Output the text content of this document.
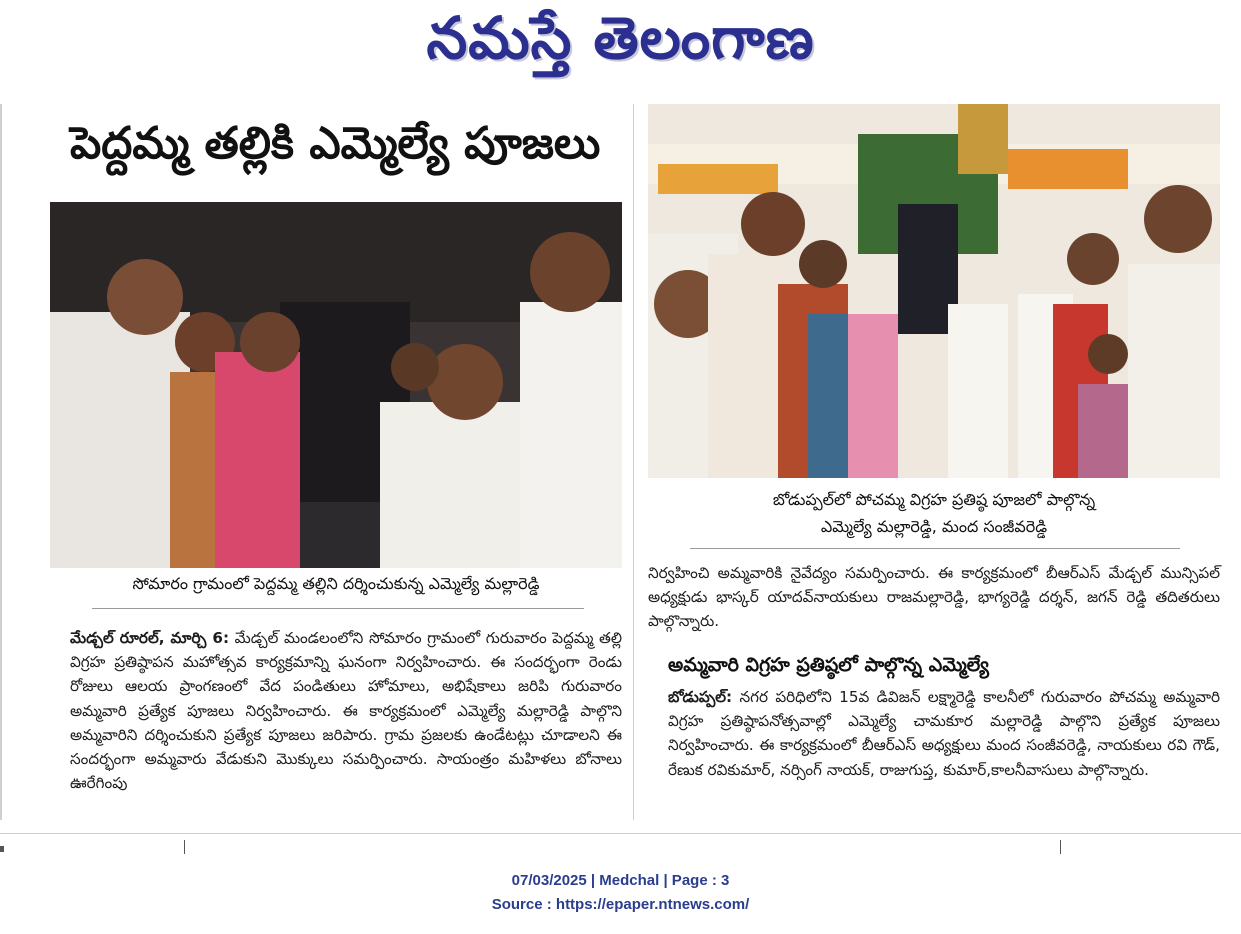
నమస్తే తెలంగాణ
పెద్దమ్మ తల్లికి ఎమ్మెల్యే పూజలు
సోమారం గ్రామంలో పెద్దమ్మ తల్లిని దర్శించుకున్న ఎమ్మెల్యే మల్లారెడ్డి
మేడ్చల్ రూరల్, మార్చి 6: మేడ్చల్ మండలంలోని సోమారం గ్రామంలో గురువారం పెద్దమ్మ తల్లి విగ్రహ ప్రతిష్ఠాపన మహోత్సవ కార్యక్రమాన్ని ఘనంగా నిర్వహించారు. ఈ సందర్భంగా రెండు రోజులు ఆలయ ప్రాంగణంలో వేద పండితులు హోమాలు, అభిషేకాలు జరిపి గురువారం అమ్మవారి ప్రత్యేక పూజలు నిర్వహించారు. ఈ కార్యక్రమంలో ఎమ్మెల్యే మల్లారెడ్డి పాల్గొని అమ్మవారిని దర్శించుకుని ప్రత్యేక పూజలు జరిపారు. గ్రామ ప్రజలకు ఉండేటట్లు చూడాలని ఈ సందర్భంగా అమ్మవారు వేడుకుని మొక్కులు సమర్పించారు. సాయంత్రం మహిళలు బోనాలు ఊరేగింపు
బోడుప్పల్‌లో పోచమ్మ విగ్రహ ప్రతిష్ఠ పూజలో పాల్గొన్న
ఎమ్మెల్యే మల్లారెడ్డి, మంద సంజీవరెడ్డి
నిర్వహించి అమ్మవారికి నైవేద్యం సమర్పించారు. ఈ కార్యక్రమంలో బీఆర్ఎస్ మేడ్చల్ మున్సిపల్ అధ్యక్షుడు భాస్కర్ యాదవ్‌నాయకులు రాజమల్లారెడ్డి, భాగ్యరెడ్డి దర్శన్, జగన్ రెడ్డి తదితరులు పాల్గొన్నారు.
అమ్మవారి విగ్రహ ప్రతిష్ఠలో పాల్గొన్న ఎమ్మెల్యే
బోడుప్పల్: నగర పరిధిలోని 15వ డివిజన్ లక్ష్మారెడ్డి కాలనీలో గురువారం పోచమ్మ అమ్మవారి విగ్రహ ప్రతిష్ఠాపనోత్సవాల్లో ఎమ్మెల్యే చామకూర మల్లారెడ్డి పాల్గొని ప్రత్యేక పూజలు నిర్వహించారు. ఈ కార్యక్రమంలో బీఆర్ఎస్ అధ్యక్షులు మంద సంజీవరెడ్డి, నాయకులు రవి గౌడ్, రేణుక రవికుమార్, నర్సింగ్ నాయక్, రాజుగుప్త, కుమార్,కాలనీవాసులు పాల్గొన్నారు.
07/03/2025 | Medchal | Page : 3
Source : https://epaper.ntnews.com/
